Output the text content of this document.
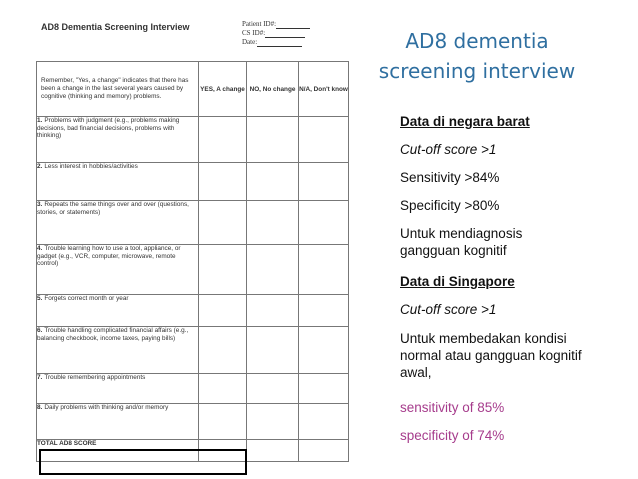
AD8 Dementia Screening Interview	Patient ID#:
CS ID#:
Date:
Remember, "Yes, a change" indicates that there has been a change in the last several years caused by cognitive (thinking and memory) problems.	YES, A change	NO, No change	N/A, Don't know
1. Problems with judgment (e.g., problems making decisions, bad financial decisions, problems with thinking)			
2. Less interest in hobbies/activities			
3. Repeats the same things over and over (questions, stories, or statements)			
4. Trouble learning how to use a tool, appliance, or gadget (e.g., VCR, computer, microwave, remote control)			
5. Forgets correct month or year			
6. Trouble handling complicated financial affairs (e.g., balancing checkbook, income taxes, paying bills)			
7. Trouble remembering appointments			
8. Daily problems with thinking and/or memory			
TOTAL AD8 SCORE			
AD8 dementia
screening interview
Data di negara barat
Cut-off score >1
Sensitivity >84%
Specificity >80%
Untuk mendiagnosis gangguan kognitif
Data di Singapore
Cut-off score >1
Untuk membedakan kondisi normal atau gangguan kognitif awal,
sensitivity of 85%
specificity of 74%
